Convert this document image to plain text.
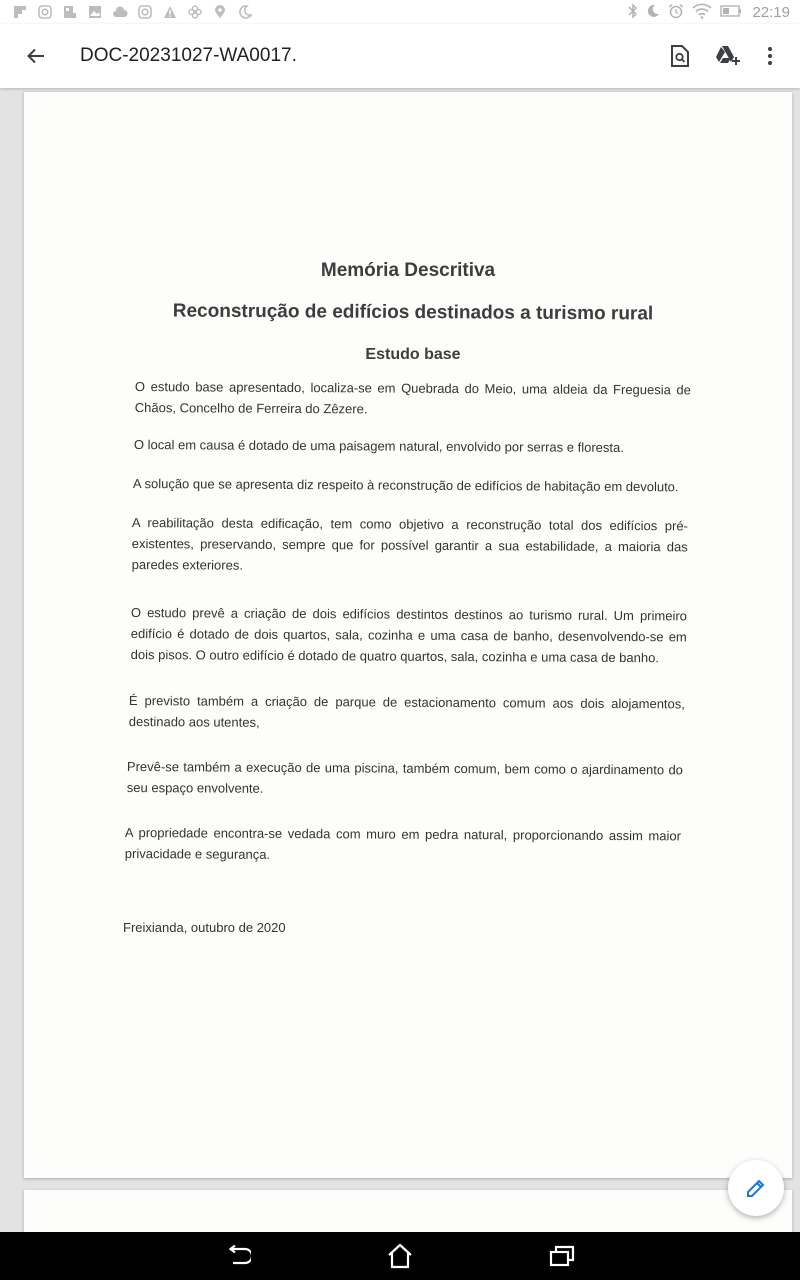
22:19
DOC-20231027-WA0017.
Memória Descritiva
Reconstrução de edifícios destinados a turismo rural
Estudo base

O estudo base apresentado, localiza-se em Quebrada do Meio, uma aldeia da Freguesia de Chãos, Concelho de Ferreira do Zêzere.

O local em causa é dotado de uma paisagem natural, envolvido por serras e floresta.

A solução que se apresenta diz respeito à reconstrução de edifícios de habitação em devoluto.

A reabilitação desta edificação, tem como objetivo a reconstrução total dos edifícios pré-existentes, preservando, sempre que for possível garantir a sua estabilidade, a maioria das paredes exteriores.

O estudo prevê a criação de dois edifícios destintos destinos ao turismo rural. Um primeiro edifício é dotado de dois quartos, sala, cozinha e uma casa de banho, desenvolvendo-se em dois pisos. O outro edifício é dotado de quatro quartos, sala, cozinha e uma casa de banho.

É previsto também a criação de parque de estacionamento comum aos dois alojamentos, destinado aos utentes,

Prevê-se também a execução de uma piscina, também comum, bem como o ajardinamento do seu espaço envolvente.

A propriedade encontra-se vedada com muro em pedra natural, proporcionando assim maior privacidade e segurança.

Freixianda, outubro de 2020
